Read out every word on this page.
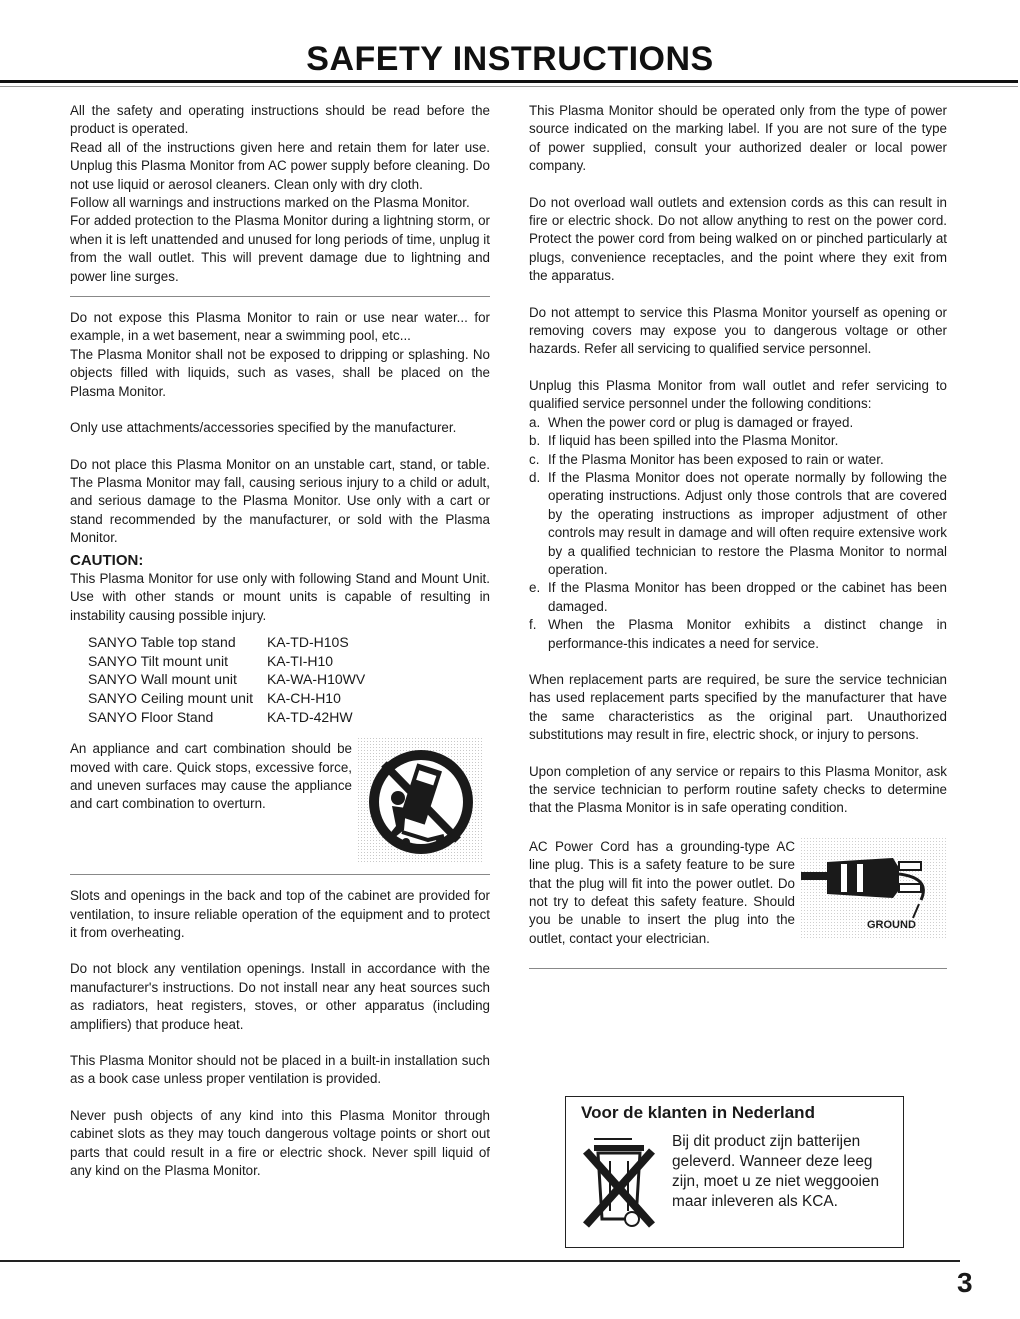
SAFETY INSTRUCTIONS

All the safety and operating instructions should be read before the product is operated.

Read all of the instructions given here and retain them for later use. Unplug this Plasma Monitor from AC power supply before cleaning. Do not use liquid or aerosol cleaners. Clean only with dry cloth.

Follow all warnings and instructions marked on the Plasma Monitor.

For added protection to the Plasma Monitor during a lightning storm, or when it is left unattended and unused for long periods of time, unplug it from the wall outlet. This will prevent damage due to lightning and power line surges.

Do not expose this Plasma Monitor to rain or use near water... for example, in a wet basement, near a swimming pool, etc...

The Plasma Monitor shall not be exposed to dripping or splashing. No objects filled with liquids, such as vases, shall be placed on the Plasma Monitor.

Only use attachments/accessories specified by the manufacturer.

Do not place this Plasma Monitor on an unstable cart, stand, or table. The Plasma Monitor may fall, causing serious injury to a child or adult, and serious damage to the Plasma Monitor. Use only with a cart or stand recommended by the manufacturer, or sold with the Plasma Monitor.

CAUTION:

This Plasma Monitor for use only with following Stand and Mount Unit. Use with other stands or mount units is capable of resulting in instability causing possible injury.

SANYO Table top stand	KA-TD-H10S
SANYO Tilt mount unit	KA-TI-H10
SANYO Wall mount unit	KA-WA-H10WV
SANYO Ceiling mount unit	KA-CH-H10
SANYO Floor Stand	KA-TD-42HW

An appliance and cart combination should be moved with care. Quick stops, excessive force, and uneven surfaces may cause the appliance and cart combination to overturn.

Slots and openings in the back and top of the cabinet are provided for ventilation, to insure reliable operation of the equipment and to protect it from overheating.

Do not block any ventilation openings. Install in accordance with the manufacturer's instructions. Do not install near any heat sources such as radiators, heat registers, stoves, or other apparatus (including amplifiers) that produce heat.

This Plasma Monitor should not be placed in a built-in installation such as a book case unless proper ventilation is provided.

Never push objects of any kind into this Plasma Monitor through cabinet slots as they may touch dangerous voltage points or short out parts that could result in a fire or electric shock. Never spill liquid of any kind on the Plasma Monitor.

This Plasma Monitor should be operated only from the type of power source indicated on the marking label. If you are not sure of the type of power supplied, consult your authorized dealer or local power company.

Do not overload wall outlets and extension cords as this can result in fire or electric shock. Do not allow anything to rest on the power cord. Protect the power cord from being walked on or pinched particularly at plugs, convenience receptacles, and the point where they exit from the apparatus.

Do not attempt to service this Plasma Monitor yourself as opening or removing covers may expose you to dangerous voltage or other hazards. Refer all servicing to qualified service personnel.

Unplug this Plasma Monitor from wall outlet and refer servicing to qualified service personnel under the following conditions:

a. When the power cord or plug is damaged or frayed.
b. If liquid has been spilled into the Plasma Monitor.
c. If the Plasma Monitor has been exposed to rain or water.
d. If the Plasma Monitor does not operate normally by following the operating instructions. Adjust only those controls that are covered by the operating instructions as improper adjustment of other controls may result in damage and will often require extensive work by a qualified technician to restore the Plasma Monitor to normal operation.
e. If the Plasma Monitor has been dropped or the cabinet has been damaged.
f. When the Plasma Monitor exhibits a distinct change in performance-this indicates a need for service.

When replacement parts are required, be sure the service technician has used replacement parts specified by the manufacturer that have the same characteristics as the original part. Unauthorized substitutions may result in fire, electric shock, or injury to persons.

Upon completion of any service or repairs to this Plasma Monitor, ask the service technician to perform routine safety checks to determine that the Plasma Monitor is in safe operating condition.

AC Power Cord has a grounding-type AC line plug. This is a safety feature to be sure that the plug will fit into the power outlet. Do not try to defeat this safety feature. Should you be unable to insert the plug into the outlet, contact your electrician.

GROUND
Voor de klanten in Nederland
Bij dit product zijn batterijen geleverd. Wanneer deze leeg zijn, moet u ze niet weggooien maar inleveren als KCA.
3
